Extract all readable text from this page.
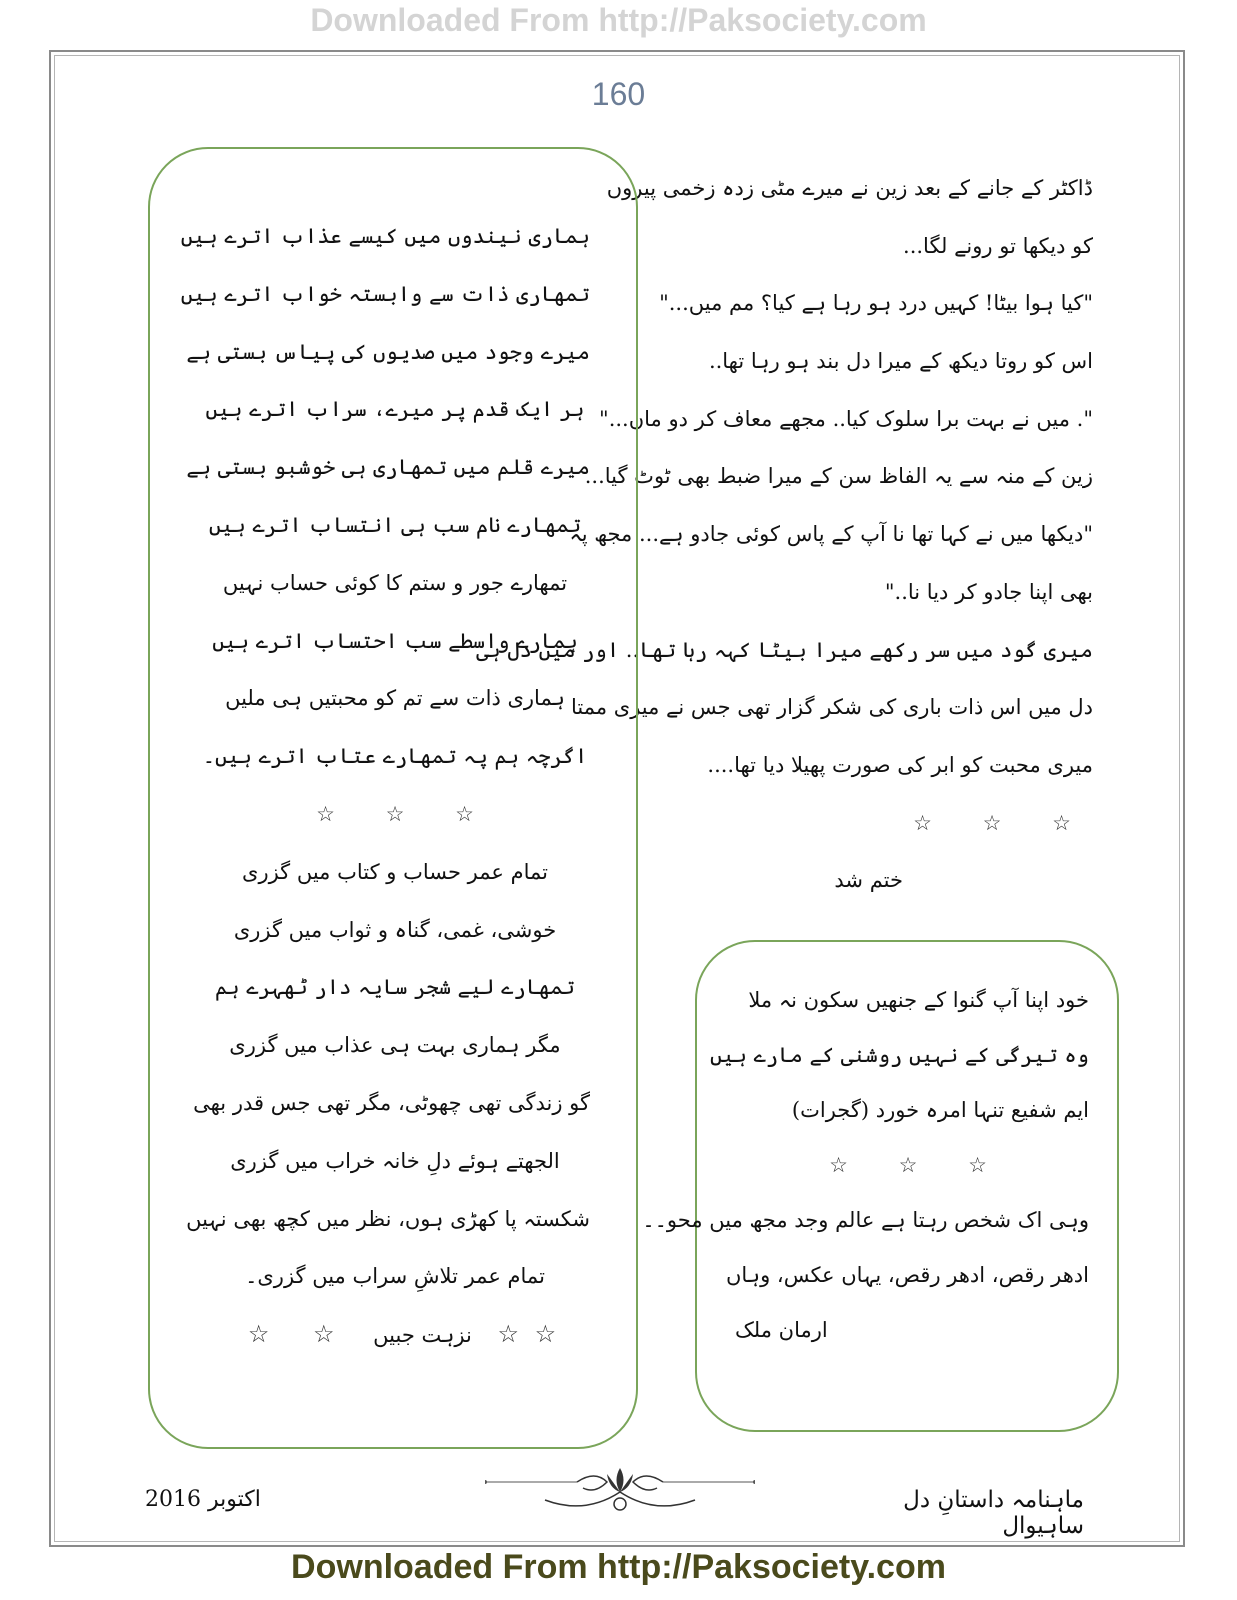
Downloaded From http://Paksociety.com
160
ڈاکٹر کے جانے کے بعد زین نے میرے مٹی زدہ زخمی پیروں
کو دیکھا تو رونے لگا...
"کیا ہوا بیٹا! کہیں درد ہو رہا ہے کیا؟ مم میں..."
اس کو روتا دیکھ کے میرا دل بند ہو رہا تھا..
". میں نے بہت برا سلوک کیا.. مجھے معاف کر دو ماں..."
زین کے منہ سے یہ الفاظ سن کے میرا ضبط بھی ٹوٹ گیا...
"دیکھا میں نے کہا تھا نا آپ کے پاس کوئی جادو ہے... مجھ پہ
بھی اپنا جادو کر دیا نا.."
میری گود میں سر رکھے میرا بیٹا کہہ رہا تھا.. اور میں دل ہی
دل میں اس ذات باری کی شکر گزار تھی جس نے میری ممتا
میری محبت کو ابر کی صورت پھیلا دیا تھا....
☆ ☆ ☆
ختم شد
ہماری نیندوں میں کیسے عذاب اترے ہیں
تمھاری ذات سے وابستہ خواب اترے ہیں
میرے وجود میں صدیوں کی پیاس بستی ہے
ہر ایک قدم پر میرے، سراب اترے ہیں
میرے قلم میں تمھاری ہی خوشبو بستی ہے
تمھارے نام سب ہی انتساب اترے ہیں
تمھارے جور و ستم کا کوئی حساب نہیں
ہمارے واسطے سب احتساب اترے ہیں
ہماری ذات سے تم کو محبتیں ہی ملیں
اگرچہ ہم پہ تمھارے عتاب اترے ہیں۔
☆ ☆ ☆
تمام عمر حساب و کتاب میں گزری
خوشی، غمی، گناہ و ثواب میں گزری
تمھارے لیے شجر سایہ دار ٹھہرے ہم
مگر ہماری بہت ہی عذاب میں گزری
گو زندگی تھی چھوٹی، مگر تھی جس قدر بھی
الجھتے ہوئے دلِ خانہ خراب میں گزری
شکستہ پا کھڑی ہوں، نظر میں کچھ بھی نہیں
تمام عمر تلاشِ سراب میں گزری۔
☆ ☆ نزہت جبیں ☆ ☆
خود اپنا آپ گنوا کے جنھیں سکون نہ ملا
وہ تیرگی کے نہیں روشنی کے مارے ہیں
ایم شفیع تنہا امرہ خورد (گجرات)
☆ ☆ ☆
وہی اک شخص رہتا ہے عالم وجد مجھ میں محو۔۔
ادھر رقص، ادھر رقص، یہاں عکس، وہاں
ارمان ملک
ماہنامہ داستانِ دل ساہیوال
اکتوبر 2016
Downloaded From http://Paksociety.com
